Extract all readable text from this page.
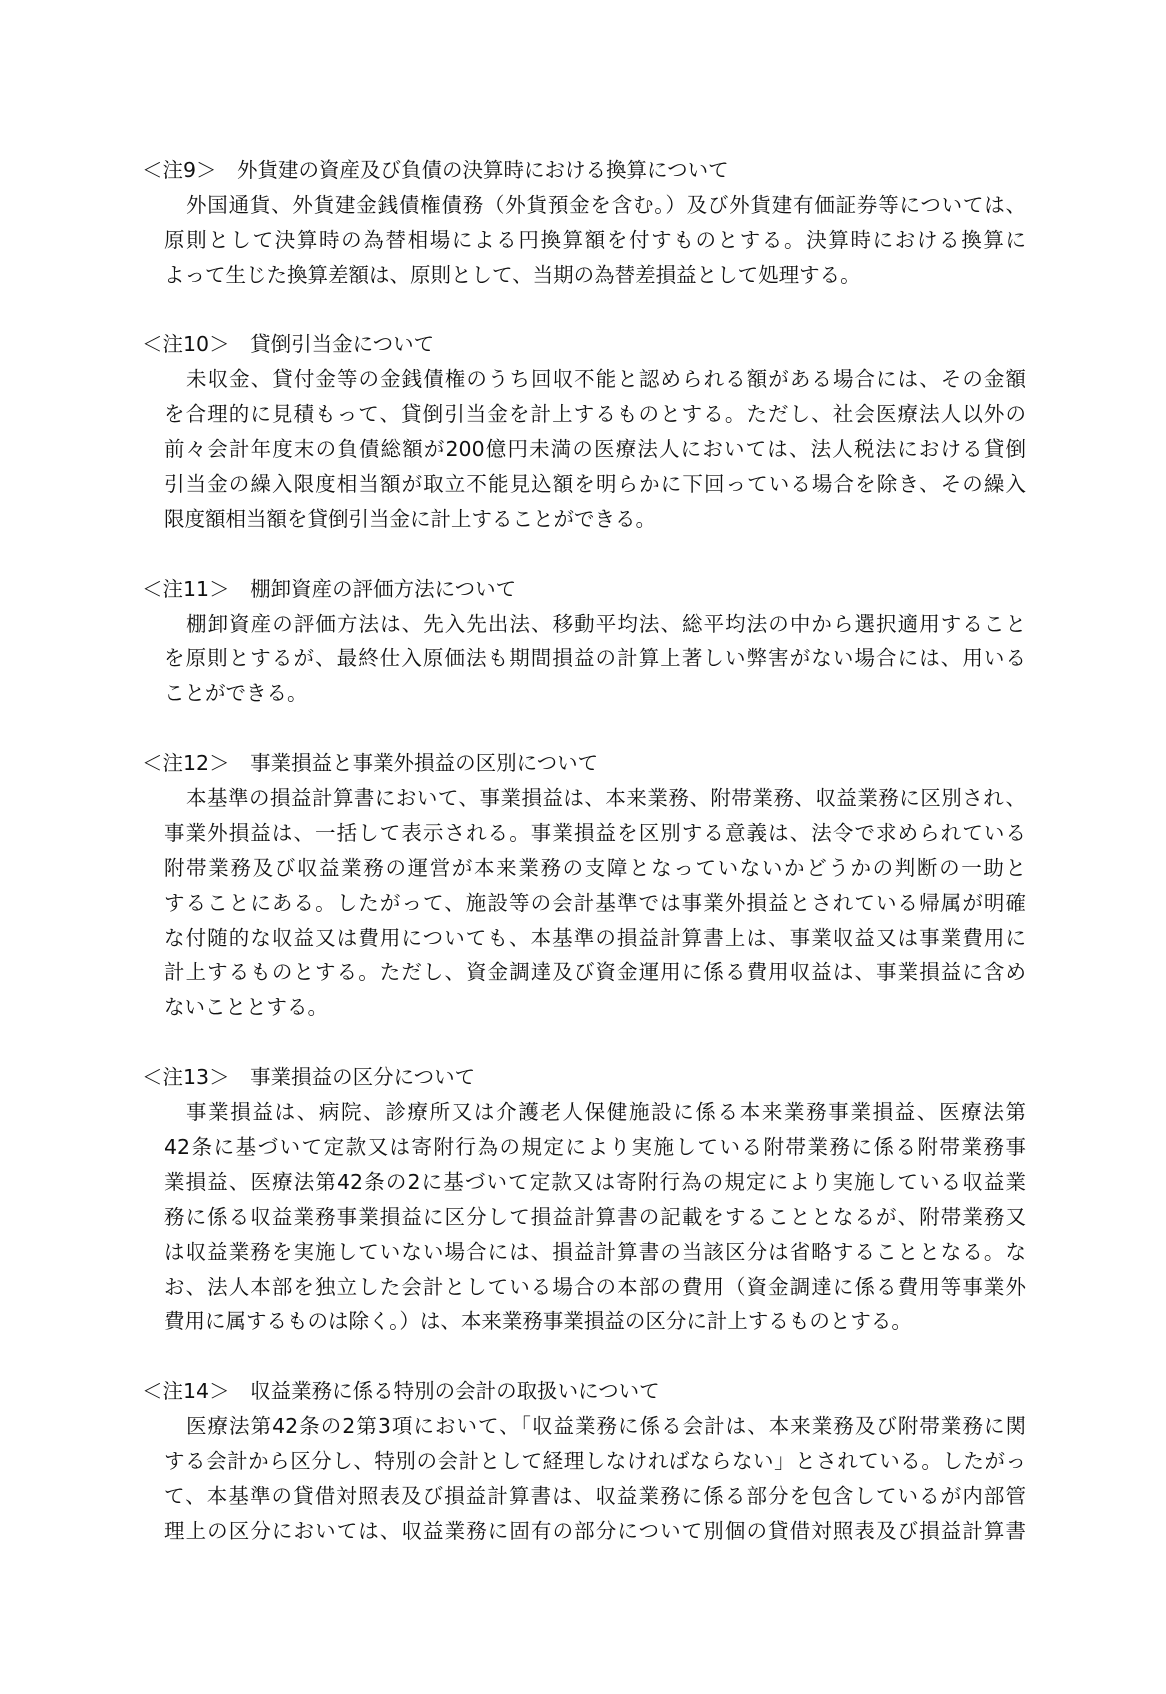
＜注9＞　外貨建の資産及び負債の決算時における換算について
外国通貨、外貨建金銭債権債務（外貨預金を含む。）及び外貨建有価証券等については、
原則として決算時の為替相場による円換算額を付すものとする。決算時における換算に
よって生じた換算差額は、原則として、当期の為替差損益として処理する。
＜注10＞　貸倒引当金について
未収金、貸付金等の金銭債権のうち回収不能と認められる額がある場合には、その金額
を合理的に見積もって、貸倒引当金を計上するものとする。ただし、社会医療法人以外の
前々会計年度末の負債総額が200億円未満の医療法人においては、法人税法における貸倒
引当金の繰入限度相当額が取立不能見込額を明らかに下回っている場合を除き、その繰入
限度額相当額を貸倒引当金に計上することができる。
＜注11＞　棚卸資産の評価方法について
棚卸資産の評価方法は、先入先出法、移動平均法、総平均法の中から選択適用すること
を原則とするが、最終仕入原価法も期間損益の計算上著しい弊害がない場合には、用いる
ことができる。
＜注12＞　事業損益と事業外損益の区別について
本基準の損益計算書において、事業損益は、本来業務、附帯業務、収益業務に区別され、
事業外損益は、一括して表示される。事業損益を区別する意義は、法令で求められている
附帯業務及び収益業務の運営が本来業務の支障となっていないかどうかの判断の一助と
することにある。したがって、施設等の会計基準では事業外損益とされている帰属が明確
な付随的な収益又は費用についても、本基準の損益計算書上は、事業収益又は事業費用に
計上するものとする。ただし、資金調達及び資金運用に係る費用収益は、事業損益に含め
ないこととする。
＜注13＞　事業損益の区分について
事業損益は、病院、診療所又は介護老人保健施設に係る本来業務事業損益、医療法第
42条に基づいて定款又は寄附行為の規定により実施している附帯業務に係る附帯業務事
業損益、医療法第42条の2に基づいて定款又は寄附行為の規定により実施している収益業
務に係る収益業務事業損益に区分して損益計算書の記載をすることとなるが、附帯業務又
は収益業務を実施していない場合には、損益計算書の当該区分は省略することとなる。な
お、法人本部を独立した会計としている場合の本部の費用（資金調達に係る費用等事業外
費用に属するものは除く。）は、本来業務事業損益の区分に計上するものとする。
＜注14＞　収益業務に係る特別の会計の取扱いについて
医療法第42条の2第3項において、「収益業務に係る会計は、本来業務及び附帯業務に関
する会計から区分し、特別の会計として経理しなければならない」とされている。したがっ
て、本基準の貸借対照表及び損益計算書は、収益業務に係る部分を包含しているが内部管
理上の区分においては、収益業務に固有の部分について別個の貸借対照表及び損益計算書
